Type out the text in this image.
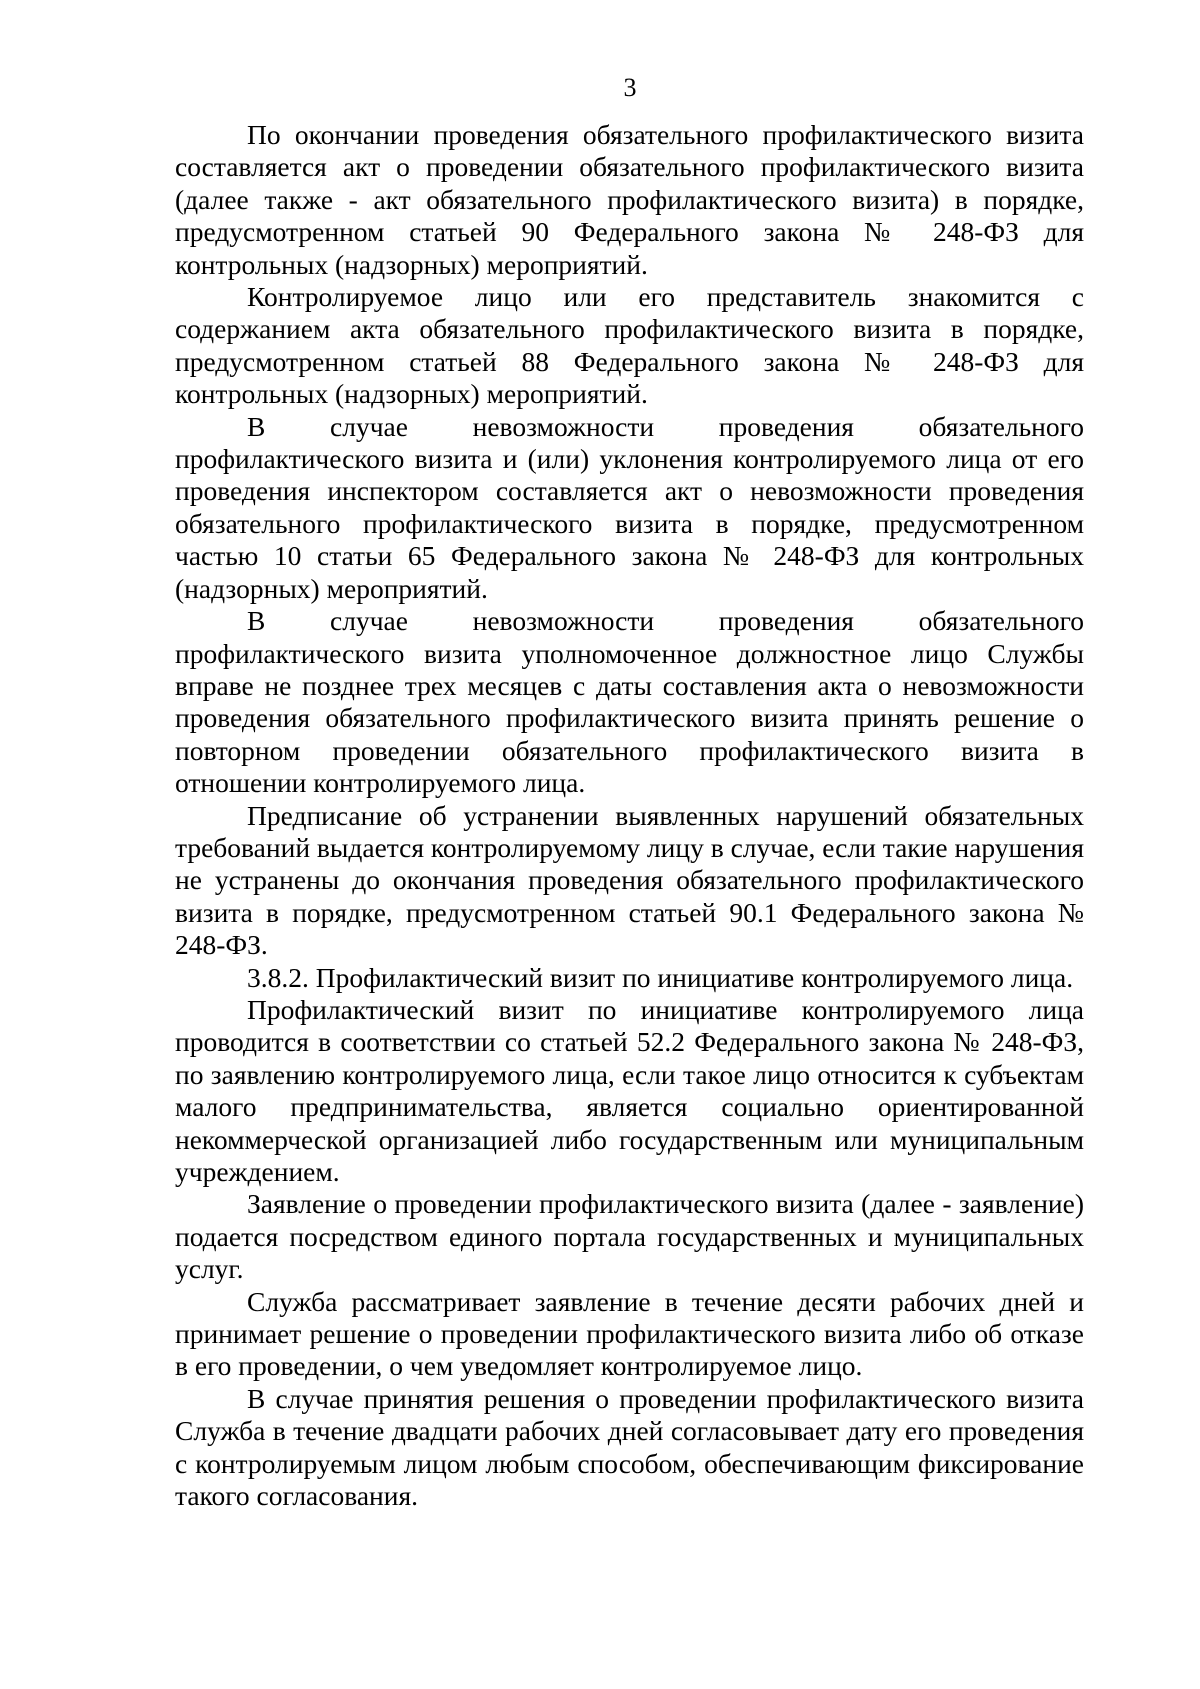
3

По окончании проведения обязательного профилактического визита составляется акт о проведении обязательного профилактического визита (далее также - акт обязательного профилактического визита) в порядке, предусмотренном статьей 90 Федерального закона № 248-ФЗ для контрольных (надзорных) мероприятий.

Контролируемое лицо или его представитель знакомится с содержанием акта обязательного профилактического визита в порядке, предусмотренном статьей 88 Федерального закона № 248-ФЗ для контрольных (надзорных) мероприятий.

В случае невозможности проведения обязательного профилактического визита и (или) уклонения контролируемого лица от его проведения инспектором составляется акт о невозможности проведения обязательного профилактического визита в порядке, предусмотренном частью 10 статьи 65 Федерального закона № 248-ФЗ для контрольных (надзорных) мероприятий.

В случае невозможности проведения обязательного профилактического визита уполномоченное должностное лицо Службы вправе не позднее трех месяцев с даты составления акта о невозможности проведения обязательного профилактического визита принять решение о повторном проведении обязательного профилактического визита в отношении контролируемого лица.

Предписание об устранении выявленных нарушений обязательных требований выдается контролируемому лицу в случае, если такие нарушения не устранены до окончания проведения обязательного профилактического визита в порядке, предусмотренном статьей 90.1 Федерального закона № 248-ФЗ.

3.8.2. Профилактический визит по инициативе контролируемого лица.

Профилактический визит по инициативе контролируемого лица проводится в соответствии со статьей 52.2 Федерального закона № 248-ФЗ, по заявлению контролируемого лица, если такое лицо относится к субъектам малого предпринимательства, является социально ориентированной некоммерческой организацией либо государственным или муниципальным учреждением.

Заявление о проведении профилактического визита (далее - заявление) подается посредством единого портала государственных и муниципальных услуг.

Служба рассматривает заявление в течение десяти рабочих дней и принимает решение о проведении профилактического визита либо об отказе в его проведении, о чем уведомляет контролируемое лицо.

В случае принятия решения о проведении профилактического визита Служба в течение двадцати рабочих дней согласовывает дату его проведения с контролируемым лицом любым способом, обеспечивающим фиксирование такого согласования.
